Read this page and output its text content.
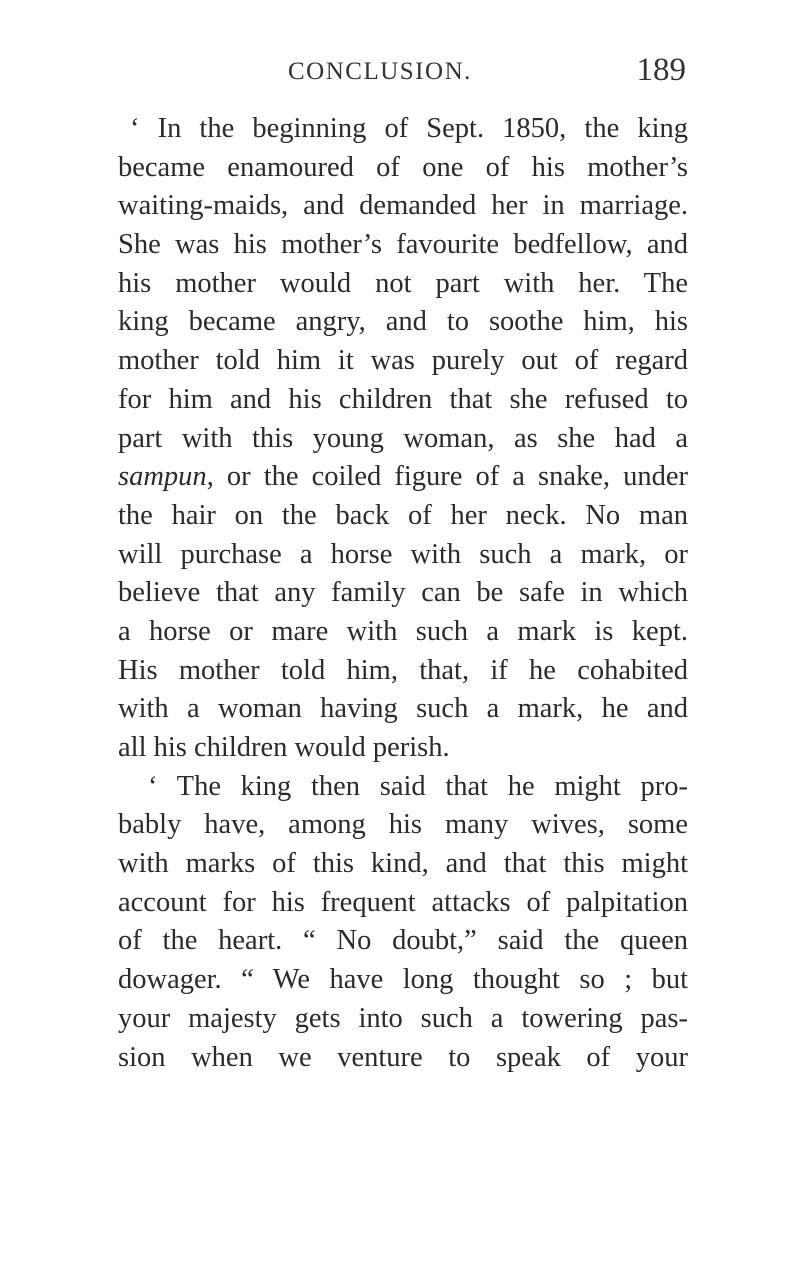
CONCLUSION.	189
‘ In the beginning of Sept. 1850, the king
became enamoured of one of his mother’s
waiting-maids, and demanded her in marriage.
She was his mother’s favourite bedfellow, and
his mother would not part with her. The
king became angry, and to soothe him, his
mother told him it was purely out of regard
for him and his children that she refused to
part with this young woman, as she had a
sampun, or the coiled figure of a snake, under
the hair on the back of her neck. No man
will purchase a horse with such a mark, or
believe that any family can be safe in which
a horse or mare with such a mark is kept.
His mother told him, that, if he cohabited
with a woman having such a mark, he and
all his children would perish.
‘ The king then said that he might pro-
bably have, among his many wives, some
with marks of this kind, and that this might
account for his frequent attacks of palpitation
of the heart. “ No doubt,” said the queen
dowager. “ We have long thought so ; but
your majesty gets into such a towering pas-
sion when we venture to speak of your
